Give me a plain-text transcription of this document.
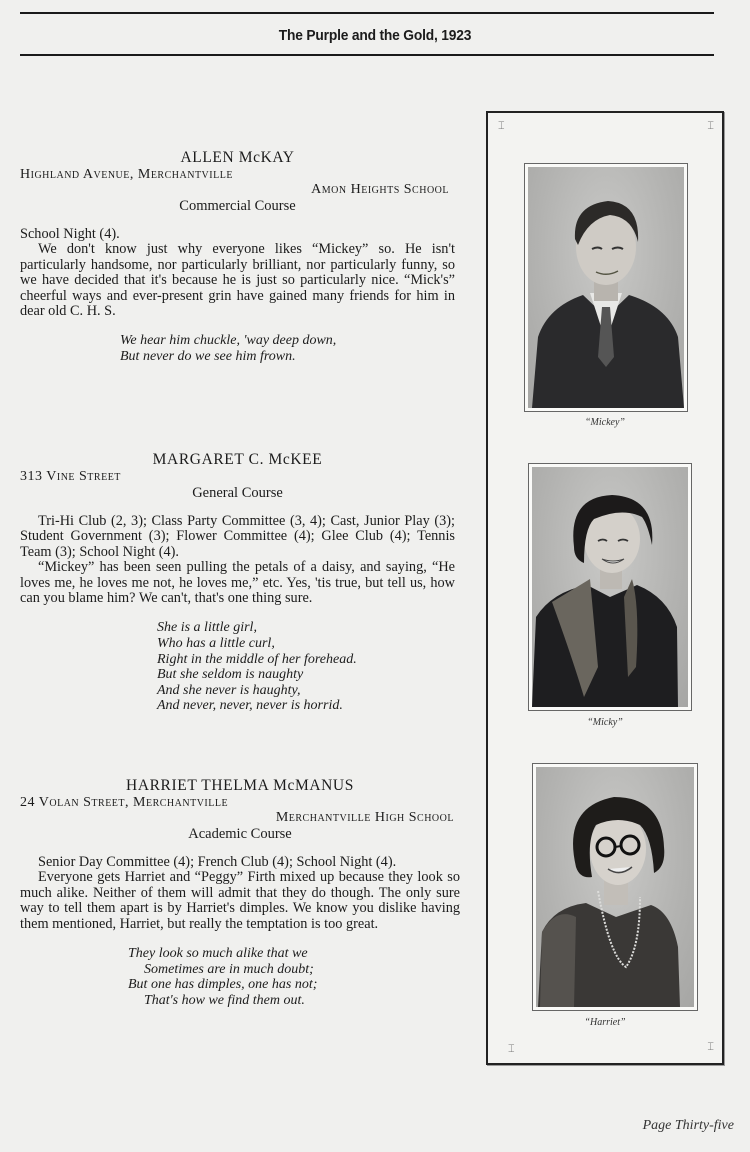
The Purple and the Gold, 1923
ALLEN McKAY
Highland Avenue, Merchantville
Amon Heights School
Commercial Course

School Night (4).

We don't know just why everyone likes “Mickey” so. He isn't particularly handsome, nor particularly brilliant, nor particularly funny, so we have decided that it's because he is just so particularly nice. “Mick's” cheerful ways and ever-present grin have gained many friends for him in dear old C. H. S.

We hear him chuckle, 'way deep down,
But never do we see him frown.
MARGARET C. McKEE
313 Vine Street
General Course

Tri-Hi Club (2, 3); Class Party Committee (3, 4); Cast, Junior Play (3); Student Government (3); Flower Committee (4); Glee Club (4); Tennis Team (3); School Night (4).

“Mickey” has been seen pulling the petals of a daisy, and saying, “He loves me, he loves me not, he loves me,” etc. Yes, 'tis true, but tell us, how can you blame him? We can't, that's one thing sure.

She is a little girl,
Who has a little curl,
Right in the middle of her forehead.
But she seldom is naughty
And she never is haughty,
And never, never, never is horrid.
HARRIET THELMA McMANUS
24 Volan Street, Merchantville
Merchantville High School
Academic Course

Senior Day Committee (4); French Club (4); School Night (4).

Everyone gets Harriet and “Peggy” Firth mixed up because they look so much alike. Neither of them will admit that they do though. The only sure way to tell them apart is by Harriet's dimples. We know you dislike having them mentioned, Harriet, but really the temptation is too great.

They look so much alike that we
Sometimes are in much doubt;
But one has dimples, one has not;
That's how we find them out.
⌶	⌶
⌶	⌶
“Mickey”
“Micky”
“Harriet”
Page Thirty-five
